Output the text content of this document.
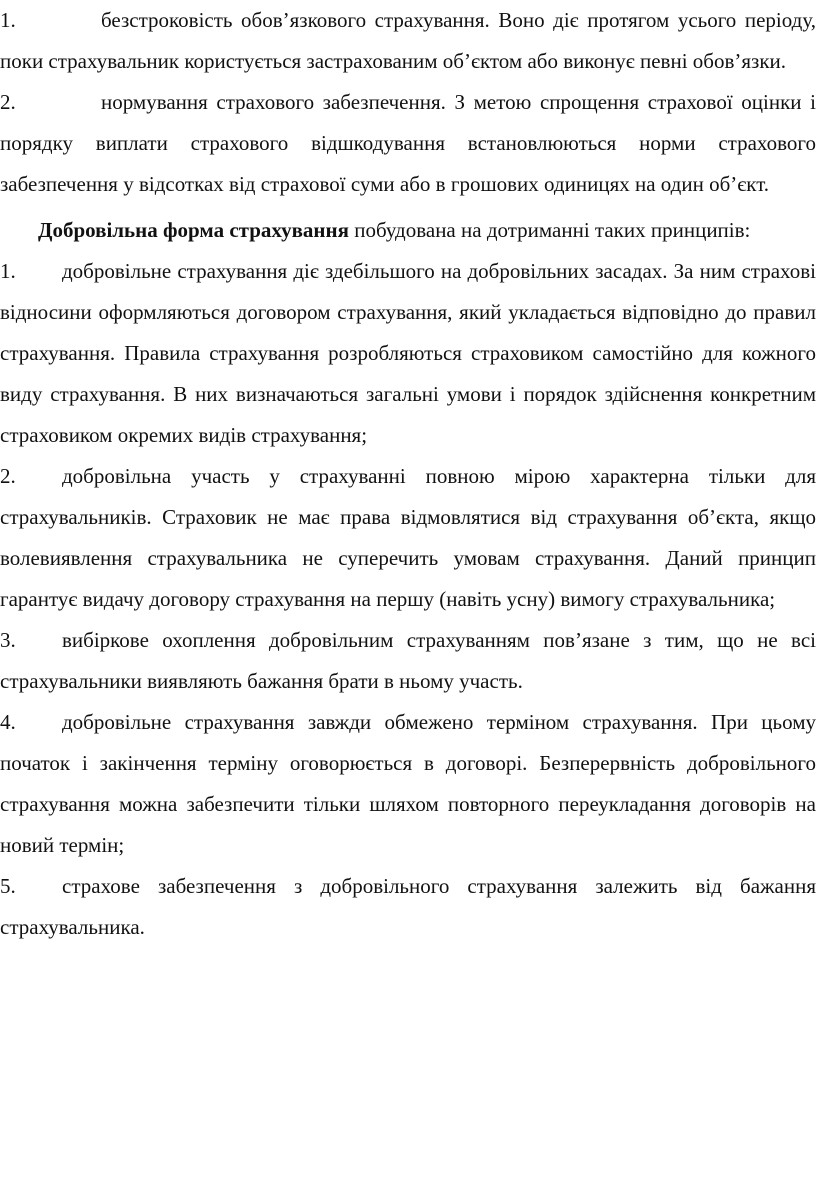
1.	безстроковість обов’язкового страхування. Воно діє протягом усього періоду, поки страхувальник користується застрахованим об’єктом або виконує певні обов’язки.

2.	нормування страхового забезпечення. З метою спрощення страхової оцінки і порядку виплати страхового відшкодування встановлюються норми страхового забезпечення у відсотках від страхової суми або в грошових одиницях на один об’єкт.

Добровільна форма страхування побудована на дотриманні таких принципів:

1. добровільне страхування діє здебільшого на добровільних засадах. За ним страхові відносини оформляються договором страхування, який укладається відповідно до правил страхування. Правила страхування розробляються страховиком самостійно для кожного виду страхування. В них визначаються загальні умови і порядок здійснення конкретним страховиком окремих видів страхування;

2. добровільна участь у страхуванні повною мірою характерна тільки для страхувальників. Страховик не має права відмовлятися від страхування об’єкта, якщо волевиявлення страхувальника не суперечить умовам страхування. Даний принцип гарантує видачу договору страхування на першу (навіть усну) вимогу страхувальника;

3. вибіркове охоплення добровільним страхуванням пов’язане з тим, що не всі страхувальники виявляють бажання брати в ньому участь.

4. добровільне страхування завжди обмежено терміном страхування. При цьому початок і закінчення терміну оговорюється в договорі. Безперервність добровільного страхування можна забезпечити тільки шляхом повторного переукладання договорів на новий термін;

5. страхове забезпечення з добровільного страхування залежить від бажання страхувальника.
